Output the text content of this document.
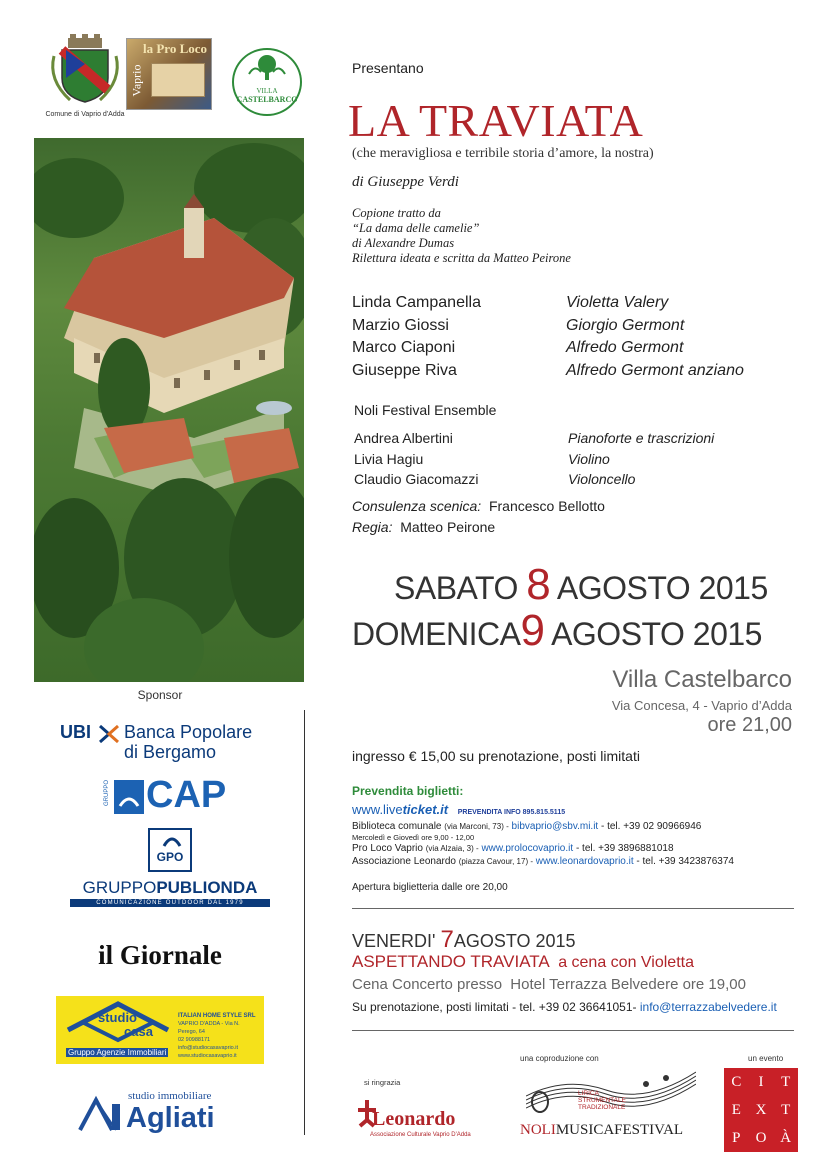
Comune di Vaprio d'Adda
la Pro Loco
Vaprio	VILLA
CASTELBARCO
Sponsor
UBI Banca Popolare
di Bergamo
GRUPPO CAP
GPO
GRUPPOPUBLIONDA
COMUNICAZIONE OUTDOOR DAL 1979
il Giornale
studio
casa
Gruppo Agenzie Immobiliari
ITALIAN HOME STYLE SRL
VAPRIO D'ADDA - Via N. Perego, 64
02 90988171
info@studiocasavaprio.it
www.studiocasavaprio.it
studio immobiliare
Agliati
Presentano
LA TRAVIATA
(che meravigliosa e terribile storia d’amore, la nostra)
di Giuseppe Verdi
Copione tratto da
“La dama delle camelie”
di Alexandre Dumas
Rilettura ideata e scritta da Matteo Peirone
Linda Campanella	Violetta Valery
Marzio Giossi	Giorgio Germont
Marco Ciaponi	Alfredo Germont
Giuseppe Riva	Alfredo Germont anziano
Noli Festival Ensemble
Andrea Albertini	Pianoforte e trascrizioni
Livia Hagiu	Violino
Claudio Giacomazzi	Violoncello
Consulenza scenica: Francesco Bellotto
Regia: Matteo Peirone
SABATO 8 AGOSTO 2015
DOMENICA9 AGOSTO 2015
Villa Castelbarco
Via Concesa, 4 - Vaprio d’Adda
ore 21,00
ingresso € 15,00 su prenotazione, posti limitati
Prevendita biglietti:
www.liveticket.it PREVENDITA INFO 895.815.5115
Biblioteca comunale (via Marconi, 73) - bibvaprio@sbv.mi.it - tel. +39 02 90966946
Mercoledì e Giovedì ore 9,00 - 12,00
Pro Loco Vaprio (via Alzaia, 3) - www.prolocovaprio.it - tel. +39 3896881018
Associazione Leonardo (piazza Cavour, 17) - www.leonardovaprio.it - tel. +39 3423876374
Apertura biglietteria dalle ore 20,00
VENERDI' 7AGOSTO 2015
ASPETTANDO TRAVIATA a cena con Violetta
Cena Concerto presso Hotel Terrazza Belvedere ore 19,00
Su prenotazione, posti limitati - tel. +39 02 36641051- info@terrazzabelvedere.it
si ringrazia
Leonardo
Associazione Culturale Vaprio D'Adda
una coproduzione con
LIRICA
STRUMENTALE
TRADIZIONALE
NOLIMUSICAFESTIVAL
un evento
C I T
E X T
P O À
